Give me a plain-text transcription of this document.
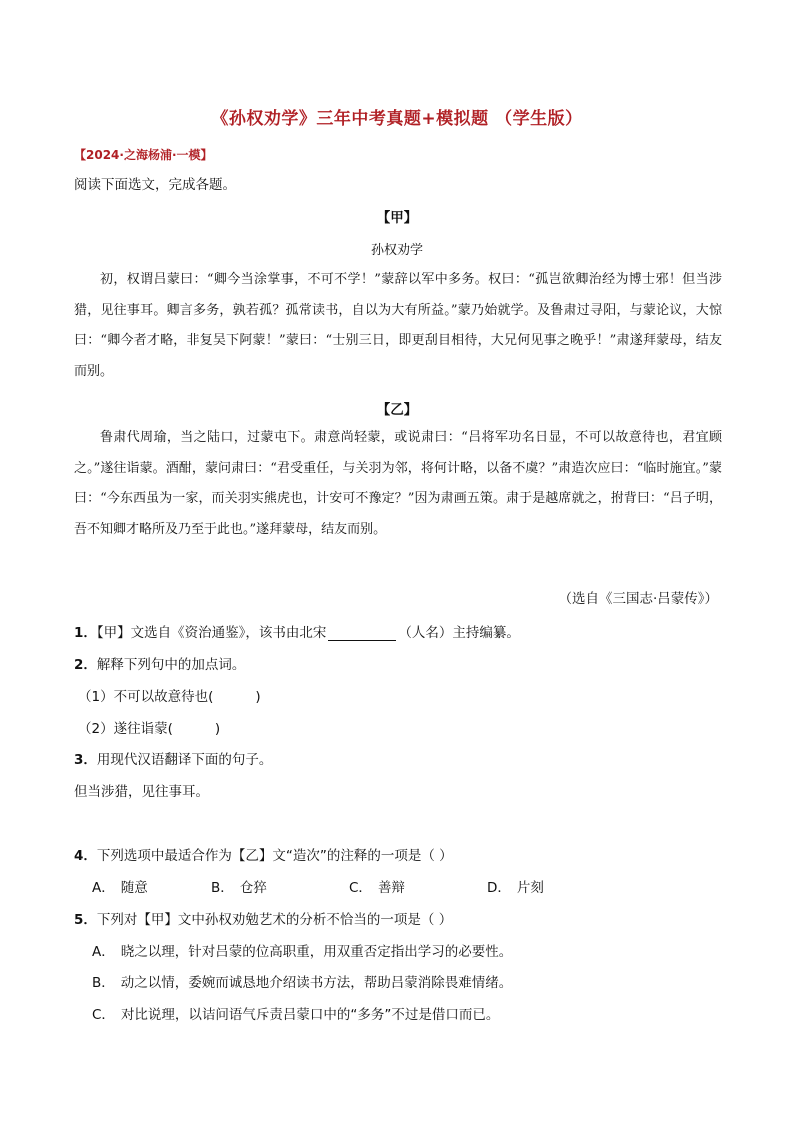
《孙权劝学》三年中考真题+模拟题 （学生版）
【2024·之海杨浦·一模】
阅读下面选文，完成各题。
【甲】
孙权劝学
初，权谓吕蒙曰：“卿今当涂掌事，不可不学！”蒙辞以军中多务。权曰：“孤岂欲卿治经为博士邪！但当涉猎，见往事耳。卿言多务，孰若孤？孤常读书，自以为大有所益。”蒙乃始就学。及鲁肃过寻阳，与蒙论议，大惊曰：“卿今者才略，非复吴下阿蒙！”蒙曰：“士别三日，即更刮目相待，大兄何见事之晚乎！”肃遂拜蒙母，结友而别。
【乙】
鲁肃代周瑜，当之陆口，过蒙屯下。肃意尚轻蒙，或说肃曰：“吕将军功名日显，不可以故意待也，君宜顾之。”遂往诣蒙。酒酣，蒙问肃曰：“君受重任，与关羽为邻，将何计略，以备不虞？”肃造次应曰：“临时施宜。”蒙曰：“今东西虽为一家，而关羽实熊虎也，计安可不豫定？”因为肃画五策。肃于是越席就之，拊背曰：“吕子明，吾不知卿才略所及乃至于此也。”遂拜蒙母，结友而别。
（选自《三国志·吕蒙传》）
1．【甲】文选自《资治通鉴》，该书由北宋	（人名）主持编纂。
2．解释下列句中的加点词。
（1）不可以故意待也(	)
（2）遂往诣蒙(	)
3．用现代汉语翻译下面的句子。
但当涉猎，见往事耳。
4．下列选项中最适合作为【乙】文“造次”的注释的一项是（ ）
A． 随意	B． 仓猝	C． 善辩	D． 片刻
5．下列对【甲】文中孙权劝勉艺术的分析不恰当的一项是（ ）
A． 晓之以理，针对吕蒙的位高职重，用双重否定指出学习的必要性。
B． 动之以情，委婉而诚恳地介绍读书方法，帮助吕蒙消除畏难情绪。
C． 对比说理，以诘问语气斥责吕蒙口中的“多务”不过是借口而已。
